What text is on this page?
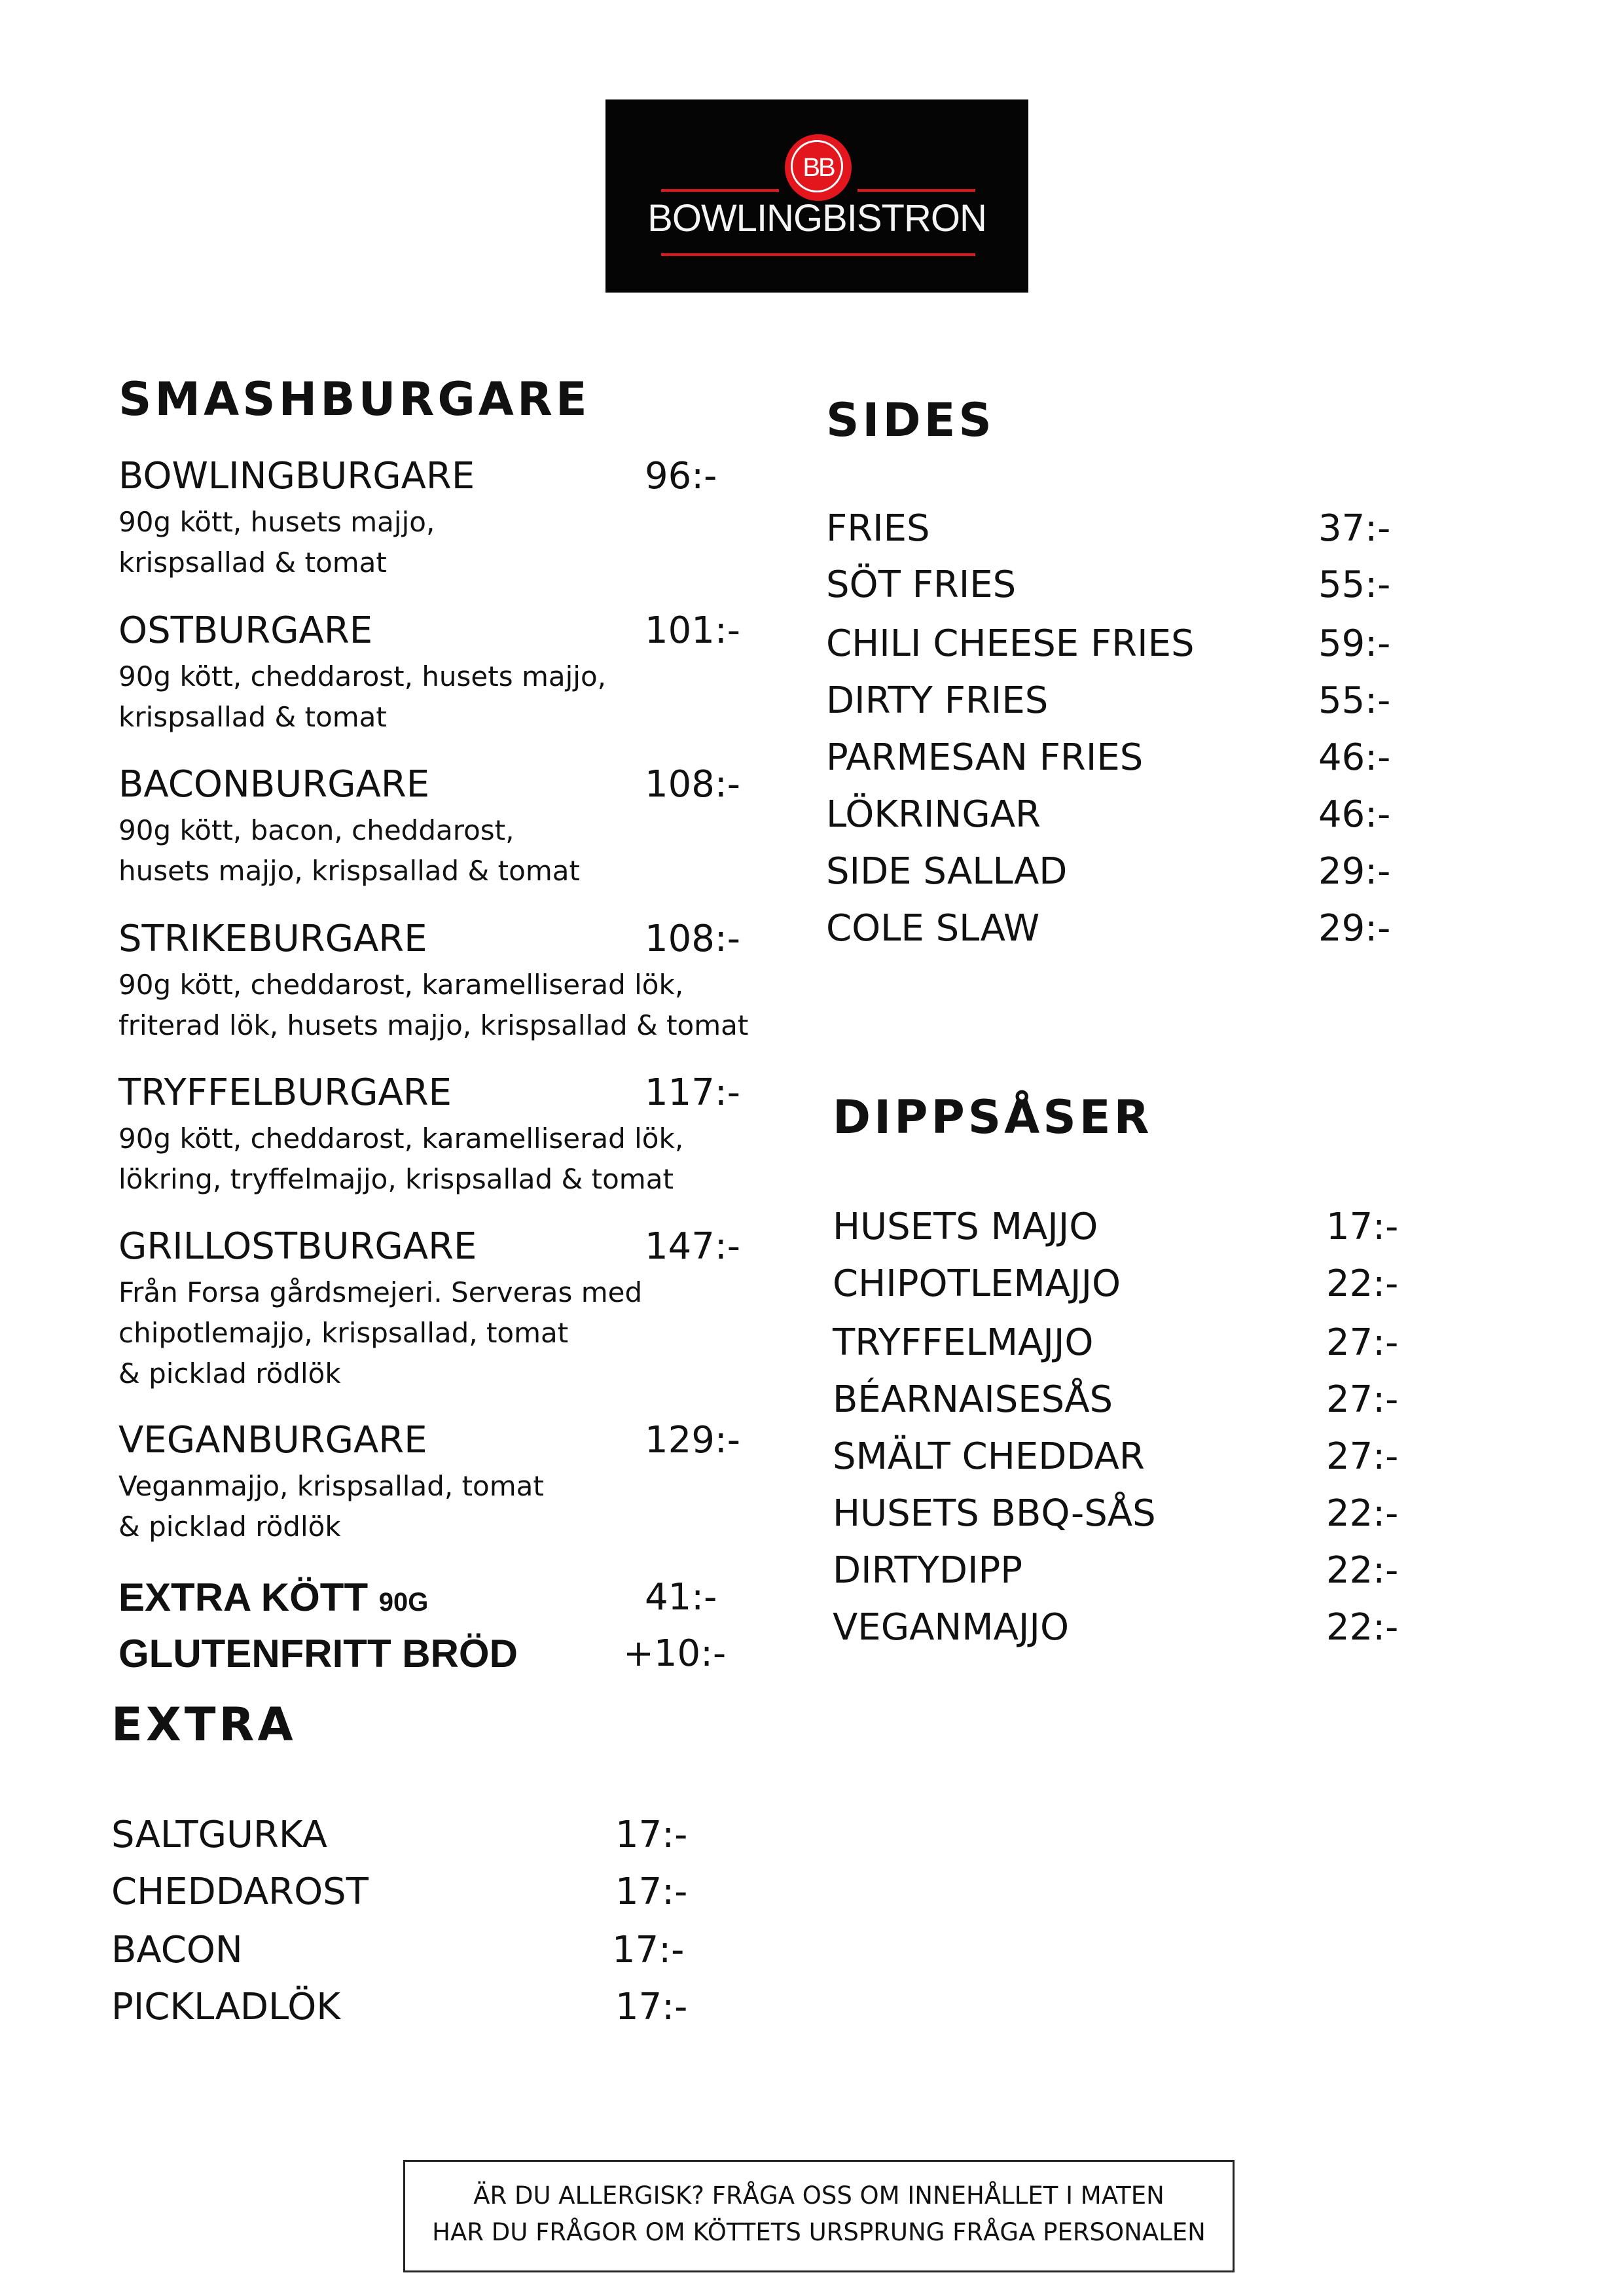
BB
BOWLINGBISTRON
SMASHBURGARE
BOWLINGBURGARE	96:-
90g kött, husets majjo,
krispsallad & tomat
OSTBURGARE	101:-
90g kött, cheddarost, husets majjo,
krispsallad & tomat
BACONBURGARE	108:-
90g kött, bacon, cheddarost,
husets majjo, krispsallad & tomat
STRIKEBURGARE	108:-
90g kött, cheddarost, karamelliserad lök,
friterad lök, husets majjo, krispsallad & tomat
TRYFFELBURGARE	117:-
90g kött, cheddarost, karamelliserad lök,
lökring, tryffelmajjo, krispsallad & tomat
GRILLOSTBURGARE	147:-
Från Forsa gårdsmejeri. Serveras med
chipotlemajjo, krispsallad, tomat
& picklad rödlök
VEGANBURGARE	129:-
Veganmajjo, krispsallad, tomat
& picklad rödlök
EXTRA KÖTT 90G	41:-
GLUTENFRITT BRÖD	+10:-
EXTRA
SALTGURKA	17:-
CHEDDAROST	17:-
BACON	17:-
PICKLADLÖK	17:-
SIDES
FRIES	37:-
SÖT FRIES	55:-
CHILI CHEESE FRIES	59:-
DIRTY FRIES	55:-
PARMESAN FRIES	46:-
LÖKRINGAR	46:-
SIDE SALLAD	29:-
COLE SLAW	29:-
DIPPSÅSER
HUSETS MAJJO	17:-
CHIPOTLEMAJJO	22:-
TRYFFELMAJJO	27:-
BÉARNAISESÅS	27:-
SMÄLT CHEDDAR	27:-
HUSETS BBQ-SÅS	22:-
DIRTYDIPP	22:-
VEGANMAJJO	22:-
ÄR DU ALLERGISK? FRÅGA OSS OM INNEHÅLLET I MATEN
HAR DU FRÅGOR OM KÖTTETS URSPRUNG FRÅGA PERSONALEN
